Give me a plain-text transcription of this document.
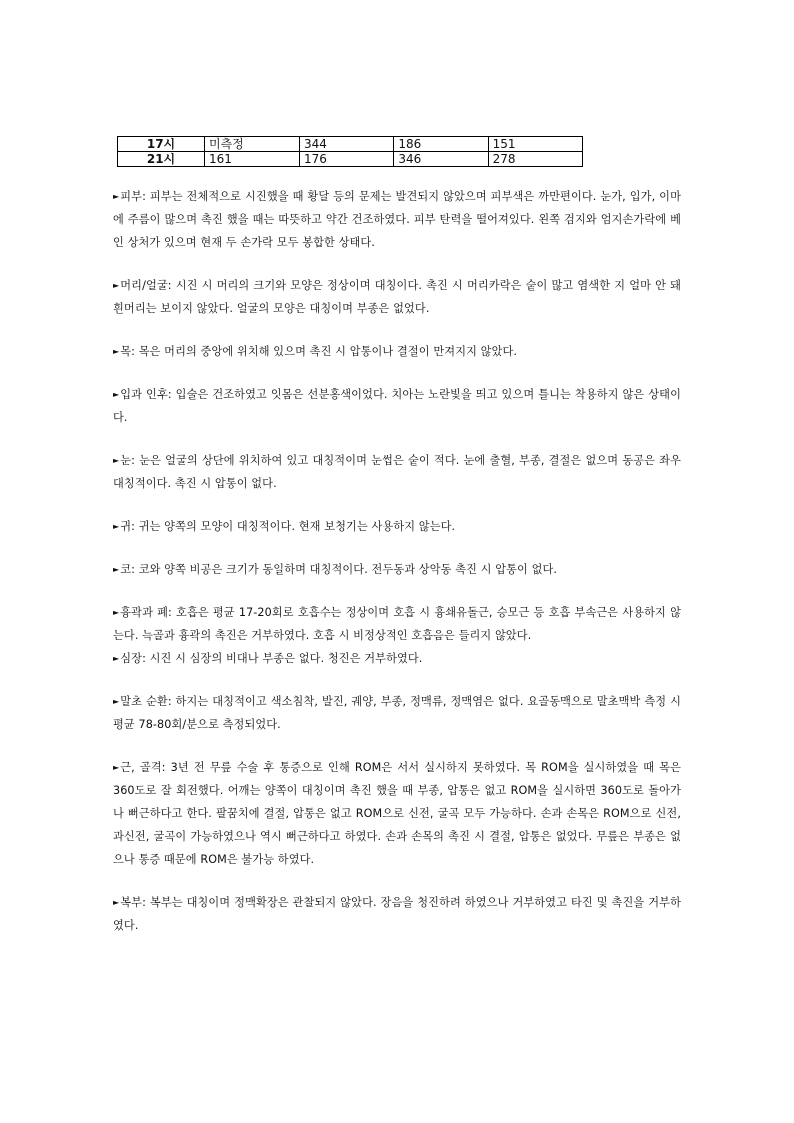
17시	미측정	344	186	151
21시	161	176	346	278

►피부: 피부는 전체적으로 시진했을 때 황달 등의 문제는 발견되지 않았으며 피부색은 까만편이다. 눈가, 입가, 이마에 주름이 많으며 촉진 했을 때는 따뜻하고 약간 건조하였다. 피부 탄력을 떨어져있다. 왼쪽 검지와 엄지손가락에 베인 상처가 있으며 현재 두 손가락 모두 봉합한 상태다.

►머리/얼굴: 시진 시 머리의 크기와 모양은 정상이며 대칭이다. 촉진 시 머리카락은 숱이 많고 염색한 지 얼마 안 돼 흰머리는 보이지 않았다. 얼굴의 모양은 대칭이며 부종은 없었다.

►목: 목은 머리의 중앙에 위치해 있으며 촉진 시 압통이나 결절이 만져지지 않았다.

►입과 인후: 입술은 건조하였고 잇몸은 선분홍색이었다. 치아는 노란빛을 띄고 있으며 틀니는 착용하지 않은 상태이다.

►눈: 눈은 얼굴의 상단에 위치하여 있고 대칭적이며 눈썹은 숱이 적다. 눈에 출혈, 부종, 결절은 없으며 동공은 좌우 대칭적이다. 촉진 시 압통이 없다.

►귀: 귀는 양쪽의 모양이 대칭적이다. 현재 보청기는 사용하지 않는다.

►코: 코와 양쪽 비공은 크기가 동일하며 대칭적이다. 전두동과 상악동 촉진 시 압통이 없다.

►흉곽과 폐: 호흡은 평균 17-20회로 호흡수는 정상이며 호흡 시 흉쇄유돌근, 승모근 등 호흡 부속근은 사용하지 않는다. 늑골과 흉곽의 촉진은 거부하였다. 호흡 시 비정상적인 호흡음은 들리지 않았다.

►심장: 시진 시 심장의 비대나 부종은 없다. 청진은 거부하였다.

►말초 순환: 하지는 대칭적이고 색소침착, 발진, 궤양, 부종, 정맥류, 정맥염은 없다. 요골동맥으로 말초맥박 측정 시 평균 78-80회/분으로 측정되었다.

►근, 골격: 3년 전 무릎 수술 후 통증으로 인해 ROM은 서서 실시하지 못하였다. 목 ROM을 실시하였을 때 목은 360도로 잘 회전했다. 어깨는 양쪽이 대칭이며 촉진 했을 때 부종, 압통은 없고 ROM을 실시하면 360도로 돌아가나 뻐근하다고 한다. 팔꿈치에 결절, 압통은 없고 ROM으로 신전, 굴곡 모두 가능하다. 손과 손목은 ROM으로 신전, 과신전, 굴곡이 가능하였으나 역시 뻐근하다고 하였다. 손과 손목의 촉진 시 결절, 압통은 없었다. 무릎은 부종은 없으나 통증 때문에 ROM은 불가능 하였다.

►복부: 복부는 대칭이며 정맥확장은 관찰되지 않았다. 장음을 청진하려 하였으나 거부하였고 타진 및 촉진을 거부하였다.
